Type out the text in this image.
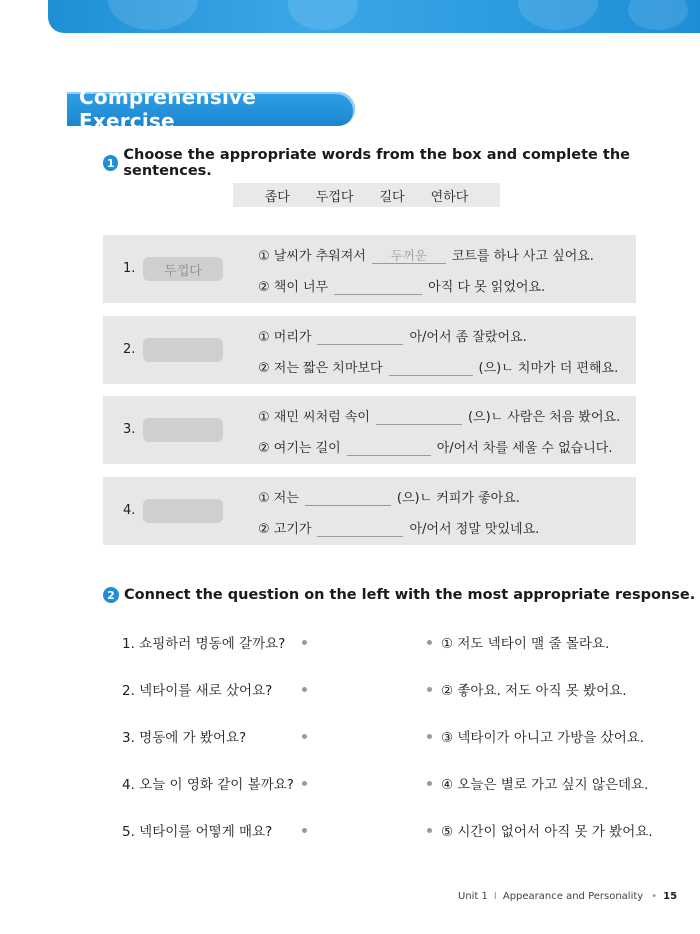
Comprehensive Exercise
1 Choose the appropriate words from the box and complete the sentences.
좁다	두껍다	길다	연하다
1.	두껍다
① 날씨가 추워져서	두꺼운	코트를 하나 사고 싶어요.
② 책이 너무	아직 다 못 읽었어요.
2.
① 머리가	아/어서 좀 잘랐어요.
② 저는 짧은 치마보다	(으)ㄴ 치마가 더 편해요.
3.
① 재민 씨처럼 속이	(으)ㄴ 사람은 처음 봤어요.
② 여기는 길이	아/어서 차를 세울 수 없습니다.
4.
① 저는	(으)ㄴ 커피가 좋아요.
② 고기가	아/어서 정말 맛있네요.
2 Connect the question on the left with the most appropriate response.
1. 쇼핑하러 명동에 갈까요?
2. 넥타이를 새로 샀어요?
3. 명동에 가 봤어요?
4. 오늘 이 영화 같이 볼까요?
5. 넥타이를 어떻게 매요?
① 저도 넥타이 맬 줄 몰라요.
② 좋아요. 저도 아직 못 봤어요.
③ 넥타이가 아니고 가방을 샀어요.
④ 오늘은 별로 가고 싶지 않은데요.
⑤ 시간이 없어서 아직 못 가 봤어요.
Unit 1 I Appearance and Personality • 15
